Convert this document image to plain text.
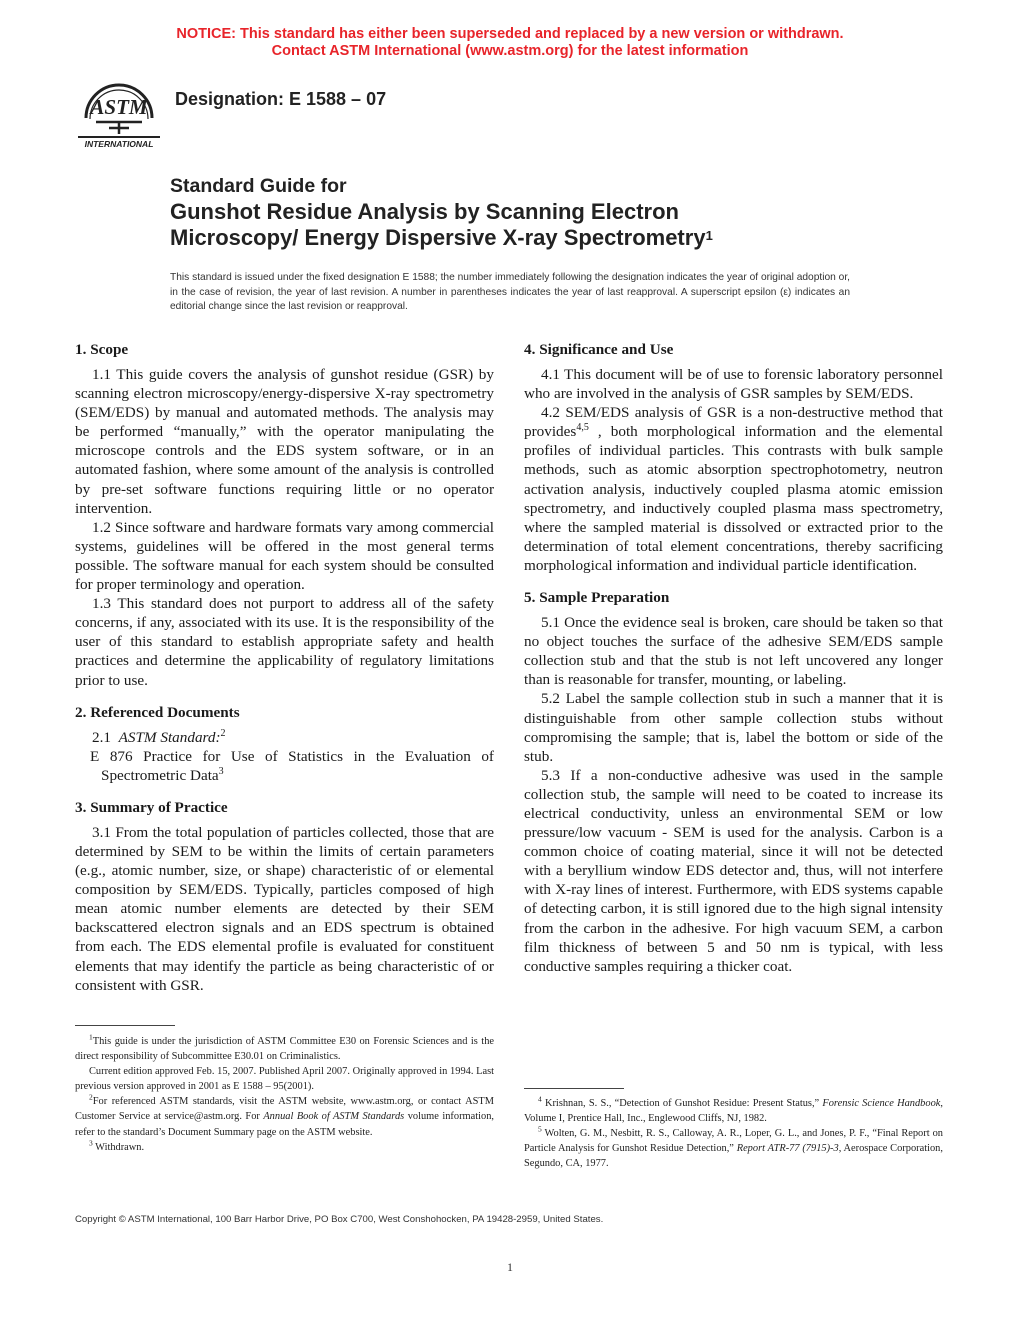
NOTICE: This standard has either been superseded and replaced by a new version or withdrawn.
Contact ASTM International (www.astm.org) for the latest information
ASTM
INTERNATIONAL
Designation: E 1588 – 07
Standard Guide for
Gunshot Residue Analysis by Scanning Electron
Microscopy/ Energy Dispersive X-ray Spectrometry$^1$
This standard is issued under the fixed designation E 1588; the number immediately following the designation indicates the year of original adoption or, in the case of revision, the year of last revision. A number in parentheses indicates the year of last reapproval. A superscript epsilon (ε) indicates an editorial change since the last revision or reapproval.
1. Scope

1.1 This guide covers the analysis of gunshot residue (GSR) by scanning electron microscopy/energy-dispersive X-ray spectrometry (SEM/EDS) by manual and automated methods. The analysis may be performed “manually,” with the operator manipulating the microscope controls and the EDS system software, or in an automated fashion, where some amount of the analysis is controlled by pre-set software functions requiring little or no operator intervention.

1.2 Since software and hardware formats vary among commercial systems, guidelines will be offered in the most general terms possible. The software manual for each system should be consulted for proper terminology and operation.

1.3 This standard does not purport to address all of the safety concerns, if any, associated with its use. It is the responsibility of the user of this standard to establish appropriate safety and health practices and determine the applicability of regulatory limitations prior to use.

2. Referenced Documents

2.1 ASTM Standard:$^2$

E 876 Practice for Use of Statistics in the Evaluation of Spectrometric Data$^3$

3. Summary of Practice

3.1 From the total population of particles collected, those that are determined by SEM to be within the limits of certain parameters (e.g., atomic number, size, or shape) characteristic of or elemental composition by SEM/EDS. Typically, particles composed of high mean atomic number elements are detected by their SEM backscattered electron signals and an EDS spectrum is obtained from each. The EDS elemental profile is evaluated for constituent elements that may identify the particle as being characteristic of or consistent with GSR.

4. Significance and Use

4.1 This document will be of use to forensic laboratory personnel who are involved in the analysis of GSR samples by SEM/EDS.

4.2 SEM/EDS analysis of GSR is a non-destructive method that provides$^{4,5}$ , both morphological information and the elemental profiles of individual particles. This contrasts with bulk sample methods, such as atomic absorption spectrophotometry, neutron activation analysis, inductively coupled plasma atomic emission spectrometry, and inductively coupled plasma mass spectrometry, where the sampled material is dissolved or extracted prior to the determination of total element concentrations, thereby sacrificing morphological information and individual particle identification.

5. Sample Preparation

5.1 Once the evidence seal is broken, care should be taken so that no object touches the surface of the adhesive SEM/EDS sample collection stub and that the stub is not left uncovered any longer than is reasonable for transfer, mounting, or labeling.

5.2 Label the sample collection stub in such a manner that it is distinguishable from other sample collection stubs without compromising the sample; that is, label the bottom or side of the stub.

5.3 If a non-conductive adhesive was used in the sample collection stub, the sample will need to be coated to increase its electrical conductivity, unless an environmental SEM or low pressure/low vacuum - SEM is used for the analysis. Carbon is a common choice of coating material, since it will not be detected with a beryllium window EDS detector and, thus, will not interfere with X-ray lines of interest. Furthermore, with EDS systems capable of detecting carbon, it is still ignored due to the high signal intensity from the carbon in the adhesive. For high vacuum SEM, a carbon film thickness of between 5 and 50 nm is typical, with less conductive samples requiring a thicker coat.

$^1$This guide is under the jurisdiction of ASTM Committee E30 on Forensic Sciences and is the direct responsibility of Subcommittee E30.01 on Criminalistics.

Current edition approved Feb. 15, 2007. Published April 2007. Originally approved in 1994. Last previous version approved in 2001 as E 1588 – 95(2001).

$^2$For referenced ASTM standards, visit the ASTM website, www.astm.org, or contact ASTM Customer Service at service@astm.org. For Annual Book of ASTM Standards volume information, refer to the standard’s Document Summary page on the ASTM website.

$^3$ Withdrawn.

$^4$ Krishnan, S. S., “Detection of Gunshot Residue: Present Status,” Forensic Science Handbook, Volume I, Prentice Hall, Inc., Englewood Cliffs, NJ, 1982.

$^5$ Wolten, G. M., Nesbitt, R. S., Calloway, A. R., Loper, G. L., and Jones, P. F., “Final Report on Particle Analysis for Gunshot Residue Detection,” Report ATR-77 (7915)-3, Aerospace Corporation, Segundo, CA, 1977.

Copyright © ASTM International, 100 Barr Harbor Drive, PO Box C700, West Conshohocken, PA 19428-2959, United States.
1
